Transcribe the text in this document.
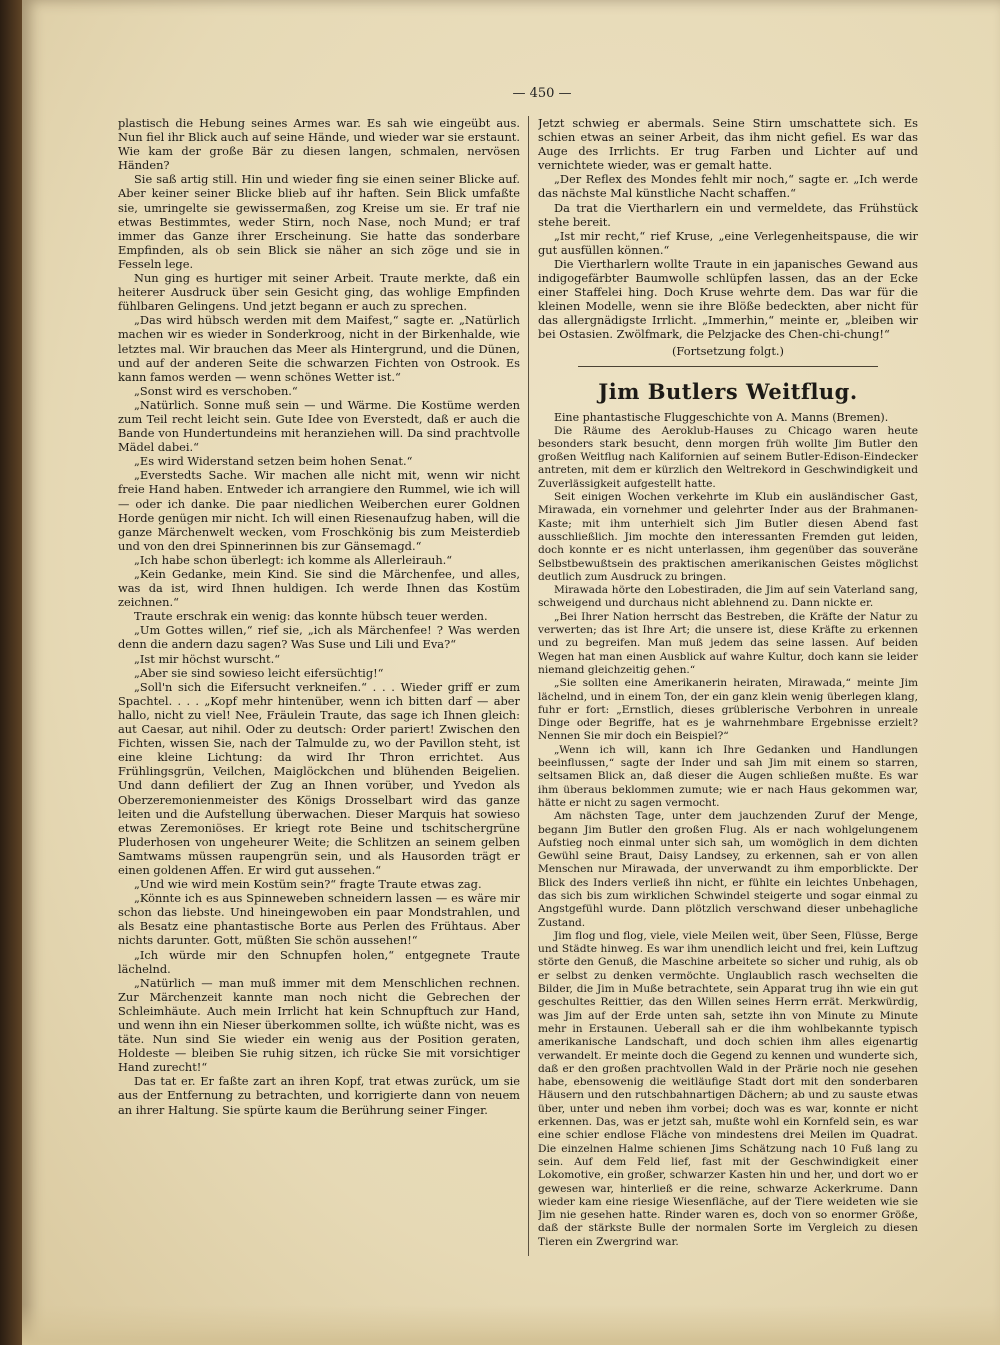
— 450 —

plastisch die Hebung seines Armes war. Es sah wie eingeübt aus. Nun fiel ihr Blick auch auf seine Hände, und wieder war sie erstaunt. Wie kam der große Bär zu diesen langen, schmalen, nervösen Händen?

Sie saß artig still. Hin und wieder fing sie einen seiner Blicke auf. Aber keiner seiner Blicke blieb auf ihr haften. Sein Blick umfaßte sie, umringelte sie gewissermaßen, zog Kreise um sie. Er traf nie etwas Bestimmtes, weder Stirn, noch Nase, noch Mund; er traf immer das Ganze ihrer Erscheinung. Sie hatte das sonderbare Empfinden, als ob sein Blick sie näher an sich zöge und sie in Fesseln lege.

Nun ging es hurtiger mit seiner Arbeit. Traute merkte, daß ein heiterer Ausdruck über sein Gesicht ging, das wohlige Empfinden fühlbaren Gelingens. Und jetzt begann er auch zu sprechen.

„Das wird hübsch werden mit dem Maifest,“ sagte er. „Natürlich machen wir es wieder in Sonderkroog, nicht in der Birkenhalde, wie letztes mal. Wir brauchen das Meer als Hintergrund, und die Dünen, und auf der anderen Seite die schwarzen Fichten von Ostrook. Es kann famos werden — wenn schönes Wetter ist.“

„Sonst wird es verschoben.“

„Natürlich. Sonne muß sein — und Wärme. Die Kostüme werden zum Teil recht leicht sein. Gute Idee von Everstedt, daß er auch die Bande von Hundertundeins mit heranziehen will. Da sind prachtvolle Mädel dabei.“

„Es wird Widerstand setzen beim hohen Senat.“

„Everstedts Sache. Wir machen alle nicht mit, wenn wir nicht freie Hand haben. Entweder ich arrangiere den Rummel, wie ich will — oder ich danke. Die paar niedlichen Weiberchen eurer Goldnen Horde genügen mir nicht. Ich will einen Riesenaufzug haben, will die ganze Märchenwelt wecken, vom Froschkönig bis zum Meisterdieb und von den drei Spinnerinnen bis zur Gänsemagd.“

„Ich habe schon überlegt: ich komme als Allerleirauh.“

„Kein Gedanke, mein Kind. Sie sind die Märchenfee, und alles, was da ist, wird Ihnen huldigen. Ich werde Ihnen das Kostüm zeichnen.“

Traute erschrak ein wenig: das konnte hübsch teuer werden.

„Um Gottes willen,“ rief sie, „ich als Märchenfee! ? Was werden denn die andern dazu sagen? Was Suse und Lili und Eva?“

„Ist mir höchst wurscht.“

„Aber sie sind sowieso leicht eifersüchtig!“

„Soll'n sich die Eifersucht verkneifen.“ . . . Wieder griff er zum Spachtel. . . . „Kopf mehr hintenüber, wenn ich bitten darf — aber hallo, nicht zu viel! Nee, Fräulein Traute, das sage ich Ihnen gleich: aut Caesar, aut nihil. Oder zu deutsch: Order pariert! Zwischen den Fichten, wissen Sie, nach der Talmulde zu, wo der Pavillon steht, ist eine kleine Lichtung: da wird Ihr Thron errichtet. Aus Frühlingsgrün, Veilchen, Maiglöckchen und blühenden Beigelien. Und dann defiliert der Zug an Ihnen vorüber, und Yvedon als Oberzeremonienmeister des Königs Drosselbart wird das ganze leiten und die Aufstellung überwachen. Dieser Marquis hat sowieso etwas Zeremoniöses. Er kriegt rote Beine und tschitschergrüne Pluderhosen von ungeheurer Weite; die Schlitzen an seinem gelben Samtwams müssen raupengrün sein, und als Hausorden trägt er einen goldenen Affen. Er wird gut aussehen.“

„Und wie wird mein Kostüm sein?“ fragte Traute etwas zag.

„Könnte ich es aus Spinneweben schneidern lassen — es wäre mir schon das liebste. Und hineingewoben ein paar Mondstrahlen, und als Besatz eine phantastische Borte aus Perlen des Frühtaus. Aber nichts darunter. Gott, müßten Sie schön aussehen!“

„Ich würde mir den Schnupfen holen,“ entgegnete Traute lächelnd.

„Natürlich — man muß immer mit dem Menschlichen rechnen. Zur Märchenzeit kannte man noch nicht die Gebrechen der Schleimhäute. Auch mein Irrlicht hat kein Schnupftuch zur Hand, und wenn ihn ein Nieser überkommen sollte, ich wüßte nicht, was es täte. Nun sind Sie wieder ein wenig aus der Position geraten, Holdeste — bleiben Sie ruhig sitzen, ich rücke Sie mit vorsichtiger Hand zurecht!“

Das tat er. Er faßte zart an ihren Kopf, trat etwas zurück, um sie aus der Entfernung zu betrachten, und korrigierte dann von neuem an ihrer Haltung. Sie spürte kaum die Berührung seiner Finger.

Jetzt schwieg er abermals. Seine Stirn umschattete sich. Es schien etwas an seiner Arbeit, das ihm nicht gefiel. Es war das Auge des Irrlichts. Er trug Farben und Lichter auf und vernichtete wieder, was er gemalt hatte.

„Der Reflex des Mondes fehlt mir noch,“ sagte er. „Ich werde das nächste Mal künstliche Nacht schaffen.“

Da trat die Viertharlern ein und vermeldete, das Frühstück stehe bereit.

„Ist mir recht,“ rief Kruse, „eine Verlegenheitspause, die wir gut ausfüllen können.“

Die Viertharlern wollte Traute in ein japanisches Gewand aus indigogefärbter Baumwolle schlüpfen lassen, das an der Ecke einer Staffelei hing. Doch Kruse wehrte dem. Das war für die kleinen Modelle, wenn sie ihre Blöße bedeckten, aber nicht für das allergnädigste Irrlicht. „Immerhin,“ meinte er, „bleiben wir bei Ostasien. Zwölfmark, die Pelzjacke des Chen-chi-chung!“

(Fortsetzung folgt.)
Jim Butlers Weitflug.

Eine phantastische Fluggeschichte von A. Manns (Bremen).

Die Räume des Aeroklub-Hauses zu Chicago waren heute besonders stark besucht, denn morgen früh wollte Jim Butler den großen Weitflug nach Kalifornien auf seinem Butler-Edison-Eindecker antreten, mit dem er kürzlich den Weltrekord in Geschwindigkeit und Zuverlässigkeit aufgestellt hatte.

Seit einigen Wochen verkehrte im Klub ein ausländischer Gast, Mirawada, ein vornehmer und gelehrter Inder aus der Brahmanen-Kaste; mit ihm unterhielt sich Jim Butler diesen Abend fast ausschließlich. Jim mochte den interessanten Fremden gut leiden, doch konnte er es nicht unterlassen, ihm gegenüber das souveräne Selbstbewußtsein des praktischen amerikanischen Geistes möglichst deutlich zum Ausdruck zu bringen.

Mirawada hörte den Lobestiraden, die Jim auf sein Vaterland sang, schweigend und durchaus nicht ablehnend zu. Dann nickte er.

„Bei Ihrer Nation herrscht das Bestreben, die Kräfte der Natur zu verwerten; das ist Ihre Art; die unsere ist, diese Kräfte zu erkennen und zu begreifen. Man muß jedem das seine lassen. Auf beiden Wegen hat man einen Ausblick auf wahre Kultur, doch kann sie leider niemand gleichzeitig gehen.“

„Sie sollten eine Amerikanerin heiraten, Mirawada,“ meinte Jim lächelnd, und in einem Ton, der ein ganz klein wenig überlegen klang, fuhr er fort: „Ernstlich, dieses grüblerische Verbohren in unreale Dinge oder Begriffe, hat es je wahrnehmbare Ergebnisse erzielt? Nennen Sie mir doch ein Beispiel?“

„Wenn ich will, kann ich Ihre Gedanken und Handlungen beeinflussen,“ sagte der Inder und sah Jim mit einem so starren, seltsamen Blick an, daß dieser die Augen schließen mußte. Es war ihm überaus beklommen zumute; wie er nach Haus gekommen war, hätte er nicht zu sagen vermocht.

Am nächsten Tage, unter dem jauchzenden Zuruf der Menge, begann Jim Butler den großen Flug. Als er nach wohlgelungenem Aufstieg noch einmal unter sich sah, um womöglich in dem dichten Gewühl seine Braut, Daisy Landsey, zu erkennen, sah er von allen Menschen nur Mirawada, der unverwandt zu ihm emporblickte. Der Blick des Inders verließ ihn nicht, er fühlte ein leichtes Unbehagen, das sich bis zum wirklichen Schwindel steigerte und sogar einmal zu Angstgefühl wurde. Dann plötzlich verschwand dieser unbehagliche Zustand.

Jim flog und flog, viele, viele Meilen weit, über Seen, Flüsse, Berge und Städte hinweg. Es war ihm unendlich leicht und frei, kein Luftzug störte den Genuß, die Maschine arbeitete so sicher und ruhig, als ob er selbst zu denken vermöchte. Unglaublich rasch wechselten die Bilder, die Jim in Muße betrachtete, sein Apparat trug ihn wie ein gut geschultes Reittier, das den Willen seines Herrn errät. Merkwürdig, was Jim auf der Erde unten sah, setzte ihn von Minute zu Minute mehr in Erstaunen. Ueberall sah er die ihm wohlbekannte typisch amerikanische Landschaft, und doch schien ihm alles eigenartig verwandelt. Er meinte doch die Gegend zu kennen und wunderte sich, daß er den großen prachtvollen Wald in der Prärie noch nie gesehen habe, ebensowenig die weitläufige Stadt dort mit den sonderbaren Häusern und den rutschbahnartigen Dächern; ab und zu sauste etwas über, unter und neben ihm vorbei; doch was es war, konnte er nicht erkennen. Das, was er jetzt sah, mußte wohl ein Kornfeld sein, es war eine schier endlose Fläche von mindestens drei Meilen im Quadrat. Die einzelnen Halme schienen Jims Schätzung nach 10 Fuß lang zu sein. Auf dem Feld lief, fast mit der Geschwindigkeit einer Lokomotive, ein großer, schwarzer Kasten hin und her, und dort wo er gewesen war, hinterließ er die reine, schwarze Ackerkrume. Dann wieder kam eine riesige Wiesenfläche, auf der Tiere weideten wie sie Jim nie gesehen hatte. Rinder waren es, doch von so enormer Größe, daß der stärkste Bulle der normalen Sorte im Vergleich zu diesen Tieren ein Zwergrind war.
